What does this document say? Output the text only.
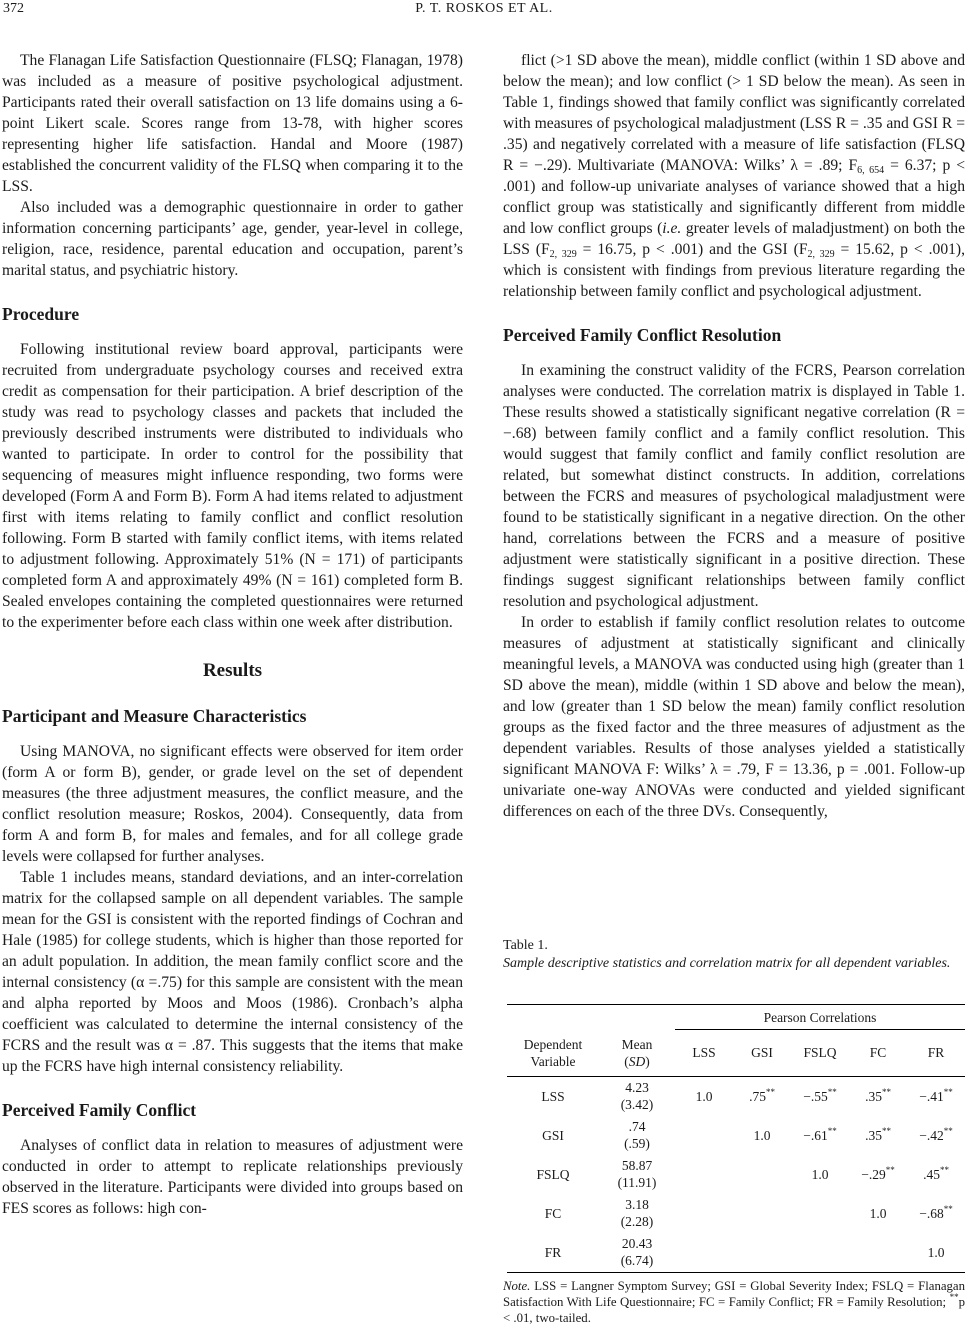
372	P. T. ROSKOS ET AL.

The Flanagan Life Satisfaction Questionnaire (FLSQ; Flanagan, 1978) was included as a measure of positive psychological adjustment. Participants rated their overall satisfaction on 13 life domains using a 6-point Likert scale. Scores range from 13-78, with higher scores representing higher life satisfaction. Handal and Moore (1987) established the concurrent validity of the FLSQ when comparing it to the LSS.

Also included was a demographic questionnaire in order to gather information concerning participants’ age, gender, year-level in college, religion, race, residence, parental education and occupation, parent’s marital status, and psychiatric history.

Procedure

Following institutional review board approval, participants were recruited from undergraduate psychology courses and received extra credit as compensation for their participation. A brief description of the study was read to psychology classes and packets that included the previously described instruments were distributed to individuals who wanted to participate. In order to control for the possibility that sequencing of measures might influence responding, two forms were developed (Form A and Form B). Form A had items related to adjustment first with items relating to family conflict and conflict resolution following. Form B started with family conflict items, with items related to adjustment following. Approximately 51% (N = 171) of participants completed form A and approximately 49% (N = 161) completed form B. Sealed envelopes containing the completed questionnaires were returned to the experimenter before each class within one week after distribution.

Results
Participant and Measure Characteristics

Using MANOVA, no significant effects were observed for item order (form A or form B), gender, or grade level on the set of dependent measures (the three adjustment measures, the conflict measure, and the conflict resolution measure; Roskos, 2004). Consequently, data from form A and form B, for males and females, and for all college grade levels were collapsed for further analyses.

Table 1 includes means, standard deviations, and an inter-correlation matrix for the collapsed sample on all dependent variables. The sample mean for the GSI is consistent with the reported findings of Cochran and Hale (1985) for college students, which is higher than those reported for an adult population. In addition, the mean family conflict score and the internal consistency (α =.75) for this sample are consistent with the mean and alpha reported by Moos and Moos (1986). Cronbach’s alpha coefficient was calculated to determine the internal consistency of the FCRS and the result was α = .87. This suggests that the items that make up the FCRS have high internal consistency reliability.

Perceived Family Conflict

Analyses of conflict data in relation to measures of adjustment were conducted in order to attempt to replicate relationships previously observed in the literature. Participants were divided into groups based on FES scores as follows: high con-

flict (>1 SD above the mean), middle conflict (within 1 SD above and below the mean); and low conflict (> 1 SD below the mean). As seen in Table 1, findings showed that family conflict was significantly correlated with measures of psychological maladjustment (LSS R = .35 and GSI R = .35) and negatively correlated with a measure of life satisfaction (FLSQ R = −.29). Multivariate (MANOVA: Wilks’ λ = .89; $F_{6, 654} = 6.37$; p < .001) and follow-up univariate analyses of variance showed that a high conflict group was statistically and significantly different from middle and low conflict groups (i.e. greater levels of maladjustment) on both the LSS ($F_{2, 329} = 16.75$, p < .001) and the GSI ($F_{2, 329} = 15.62$, p < .001), which is consistent with findings from previous literature regarding the relationship between family conflict and psychological adjustment.

Perceived Family Conflict Resolution

In examining the construct validity of the FCRS, Pearson correlation analyses were conducted. The correlation matrix is displayed in Table 1. These results showed a statistically significant negative correlation (R = −.68) between family conflict and a family conflict resolution. This would suggest that family conflict and family conflict resolution are related, but somewhat distinct constructs. In addition, correlations between the FCRS and measures of psychological maladjustment were found to be statistically significant in a negative direction. On the other hand, correlations between the FCRS and a measure of positive adjustment were statistically significant in a positive direction. These findings suggest significant relationships between family conflict resolution and psychological adjustment.

In order to establish if family conflict resolution relates to outcome measures of adjustment at statistically significant and clinically meaningful levels, a MANOVA was conducted using high (greater than 1 SD above the mean), middle (within 1 SD above and below the mean), and low (greater than 1 SD below the mean) family conflict resolution groups as the fixed factor and the three measures of adjustment as the dependent variables. Results of those analyses yielded a statistically significant MANOVA F: Wilks’ λ = .79, F = 13.36, p = .001. Follow-up univariate one-way ANOVAs were conducted and yielded significant differences on each of the three DVs. Consequently,

Table 1.
Sample descriptive statistics and correlation matrix for all dependent variables.
		Pearson Correlations				
Dependent Variable	Mean
(SD)	LSS	GSI	FSLQ	FC	FR
LSS	4.23
(3.42)	1.0	.75**	−.55**	.35**	−.41**
GSI	.74
(.59)		1.0	−.61**	.35**	−.42**
FSLQ	58.87
(11.91)			1.0	−.29**	.45**
FC	3.18
(2.28)				1.0	−.68**
FR	20.43
(6.74)					1.0
Note. LSS = Langner Symptom Survey; GSI = Global Severity Index; FSLQ = Flanagan Satisfaction With Life Questionnaire; FC = Family Conflict; FR = Family Resolution; **p < .01, two-tailed.
